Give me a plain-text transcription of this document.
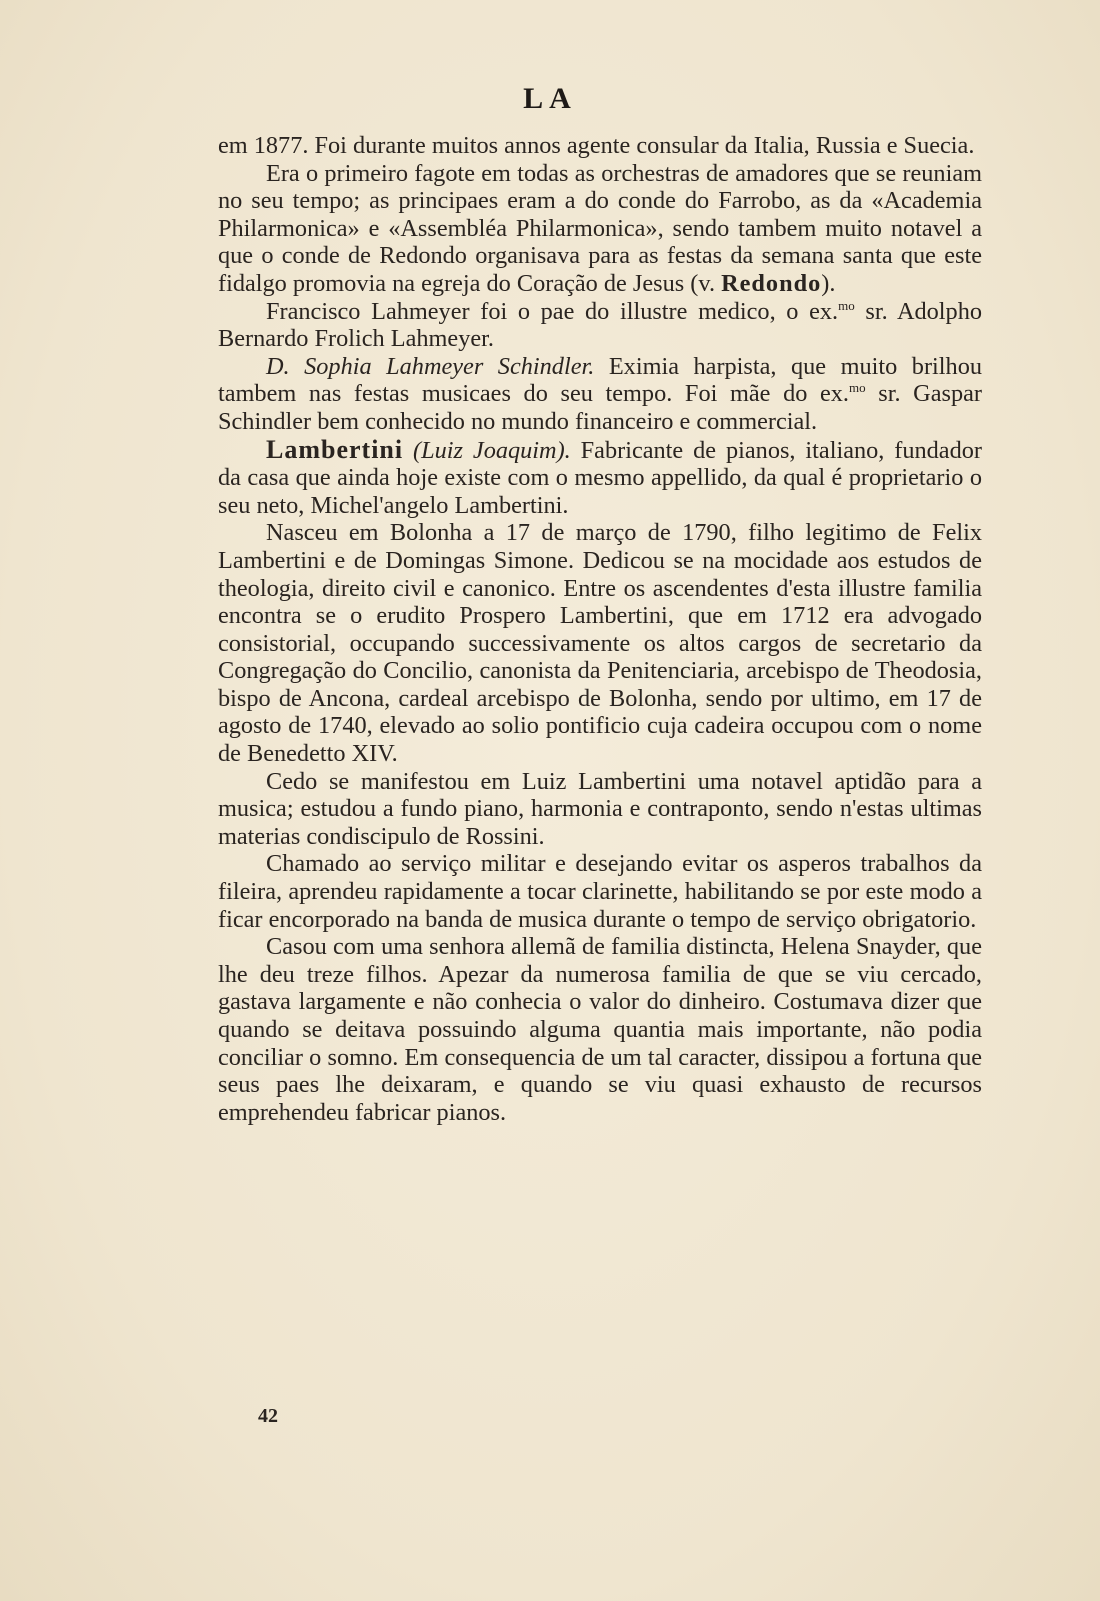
LA

em 1877. Foi durante muitos annos agente consular da Italia, Russia e Suecia.

Era o primeiro fagote em todas as orchestras de amadores que se reuniam no seu tempo; as principaes eram a do conde do Farrobo, as da «Academia Philarmonica» e «Assembléa Philarmonica», sendo tambem muito notavel a que o conde de Redondo organisava para as festas da semana santa que este fidalgo promovia na egreja do Coração de Jesus (v. Redondo).

Francisco Lahmeyer foi o pae do illustre medico, o ex.$^{mo}$ sr. Adolpho Bernardo Frolich Lahmeyer.

D. Sophia Lahmeyer Schindler. Eximia harpista, que muito brilhou tambem nas festas musicaes do seu tempo. Foi mãe do ex.$^{mo}$ sr. Gaspar Schindler bem conhecido no mundo financeiro e commercial.

Lambertini (Luiz Joaquim). Fabricante de pianos, italiano, fundador da casa que ainda hoje existe com o mesmo appellido, da qual é proprietario o seu neto, Michel'angelo Lambertini.

Nasceu em Bolonha a 17 de março de 1790, filho legitimo de Felix Lambertini e de Domingas Simone. Dedicou se na mocidade aos estudos de theologia, direito civil e canonico. Entre os ascendentes d'esta illustre familia encontra se o erudito Prospero Lambertini, que em 1712 era advogado consistorial, occupando successivamente os altos cargos de secretario da Congregação do Concilio, canonista da Penitenciaria, arcebispo de Theodosia, bispo de Ancona, cardeal arcebispo de Bolonha, sendo por ultimo, em 17 de agosto de 1740, elevado ao solio pontificio cuja cadeira occupou com o nome de Benedetto XIV.

Cedo se manifestou em Luiz Lambertini uma notavel aptidão para a musica; estudou a fundo piano, harmonia e contraponto, sendo n'estas ultimas materias condiscipulo de Rossini.

Chamado ao serviço militar e desejando evitar os asperos trabalhos da fileira, aprendeu rapidamente a tocar clarinette, habilitando se por este modo a ficar encorporado na banda de musica durante o tempo de serviço obrigatorio.

Casou com uma senhora allemã de familia distincta, Helena Snayder, que lhe deu treze filhos. Apezar da numerosa familia de que se viu cercado, gastava largamente e não conhecia o valor do dinheiro. Costumava dizer que quando se deitava possuindo alguma quantia mais importante, não podia conciliar o somno. Em consequencia de um tal caracter, dissipou a fortuna que seus paes lhe deixaram, e quando se viu quasi exhausto de recursos emprehendeu fabricar pianos.

42
